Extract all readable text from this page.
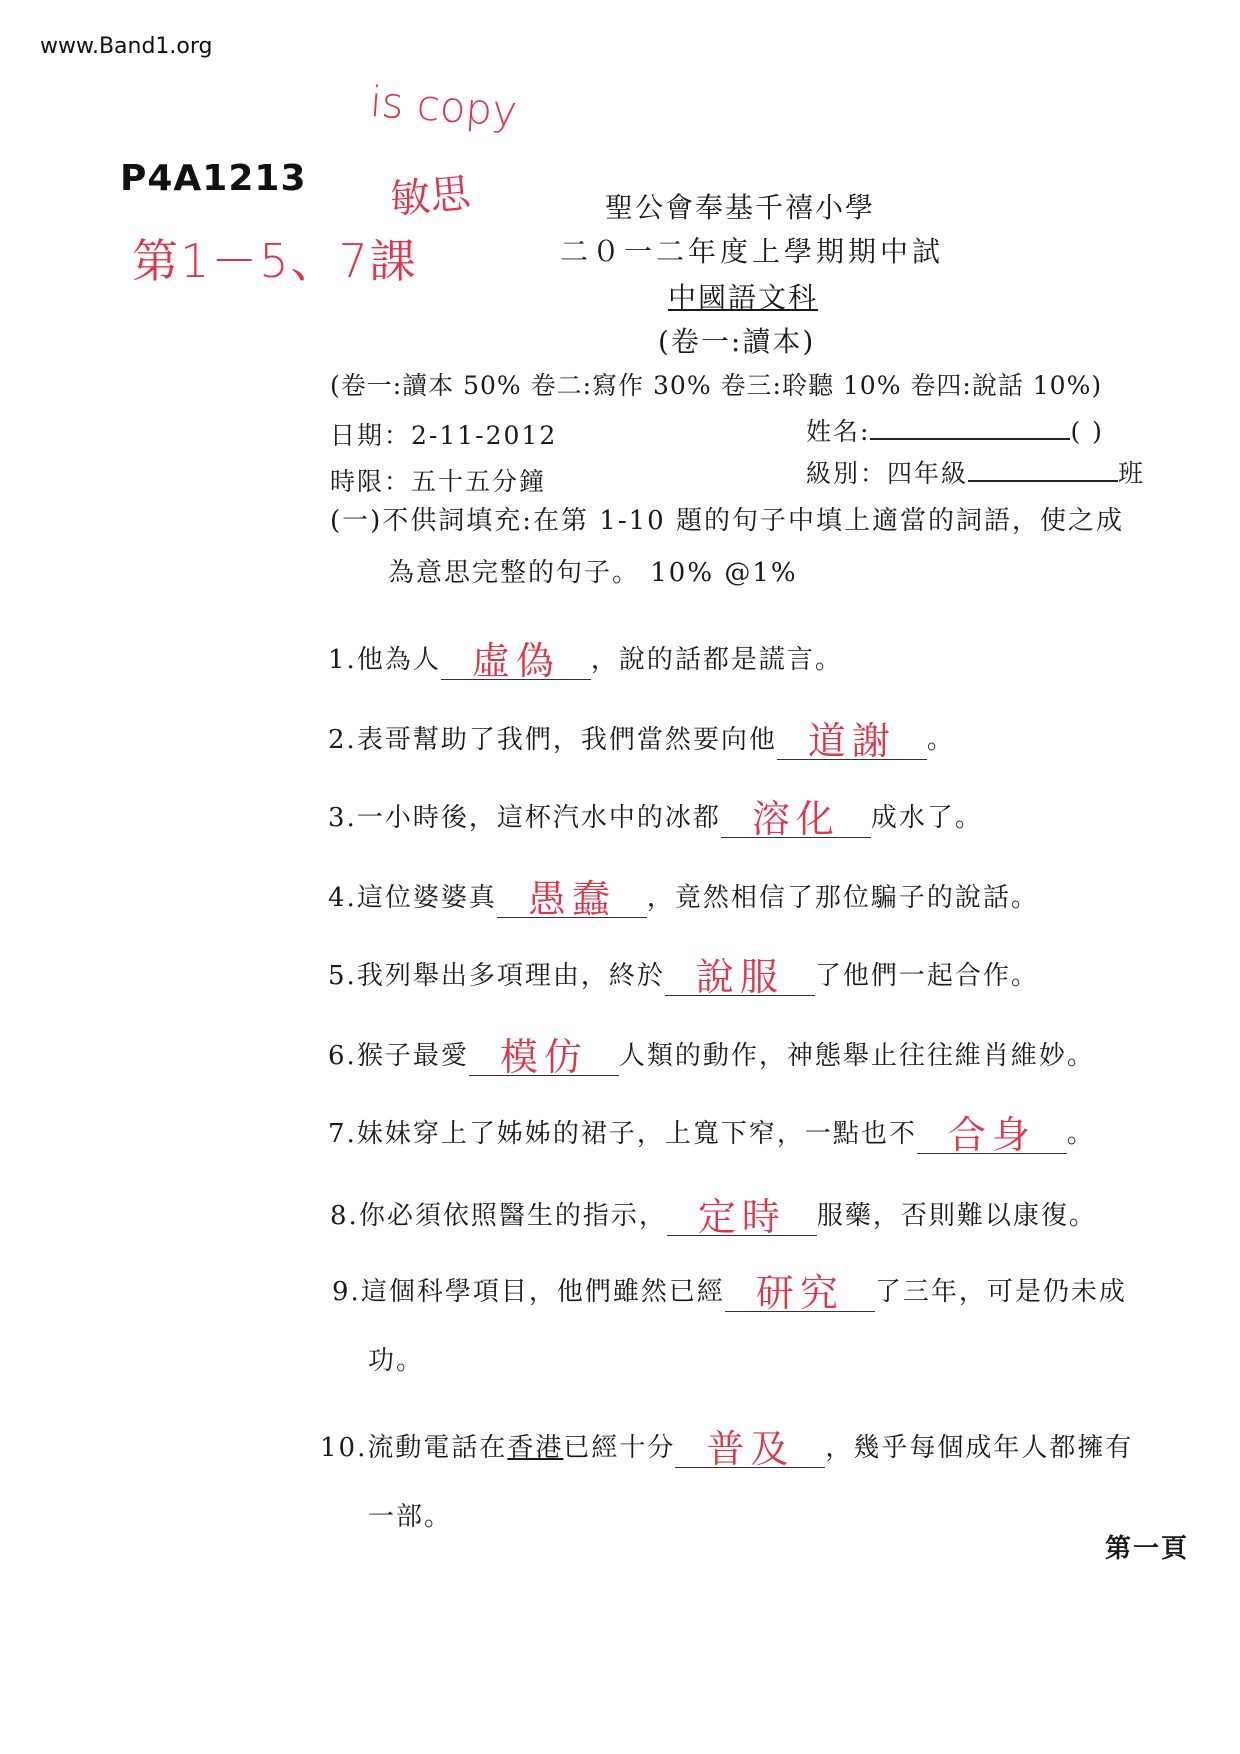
www.Band1.org
P4A1213
is copy
敏思
第1－5、7課
聖公會奉基千禧小學
二０一二年度上學期期中試
中國語文科
(卷一:讀本)
(卷一:讀本 50% 卷二:寫作 30% 卷三:聆聽 10% 卷四:說話 10%)
日期：2-11-2012	姓名:	( )
時限：五十五分鐘	級別：四年級	班
(一)不供詞填充:在第 1-10 題的句子中填上適當的詞語，使之成
為意思完整的句子。 10% @1%
1.他為人 虛偽 ，說的話都是謊言。
2.表哥幫助了我們，我們當然要向他 道謝 。
3.一小時後，這杯汽水中的冰都 溶化 成水了。
4.這位婆婆真 愚蠢 ，竟然相信了那位騙子的說話。
5.我列舉出多項理由，終於 說服 了他們一起合作。
6.猴子最愛 模仿 人類的動作，神態舉止往往維肖維妙。
7.妹妹穿上了姊姊的裙子，上寬下窄，一點也不 合身 。
8.你必須依照醫生的指示， 定時 服藥，否則難以康復。
9.這個科學項目，他們雖然已經 研究 了三年，可是仍未成
功。
10.流動電話在香港已經十分 普及 ，幾乎每個成年人都擁有
一部。
第一頁
